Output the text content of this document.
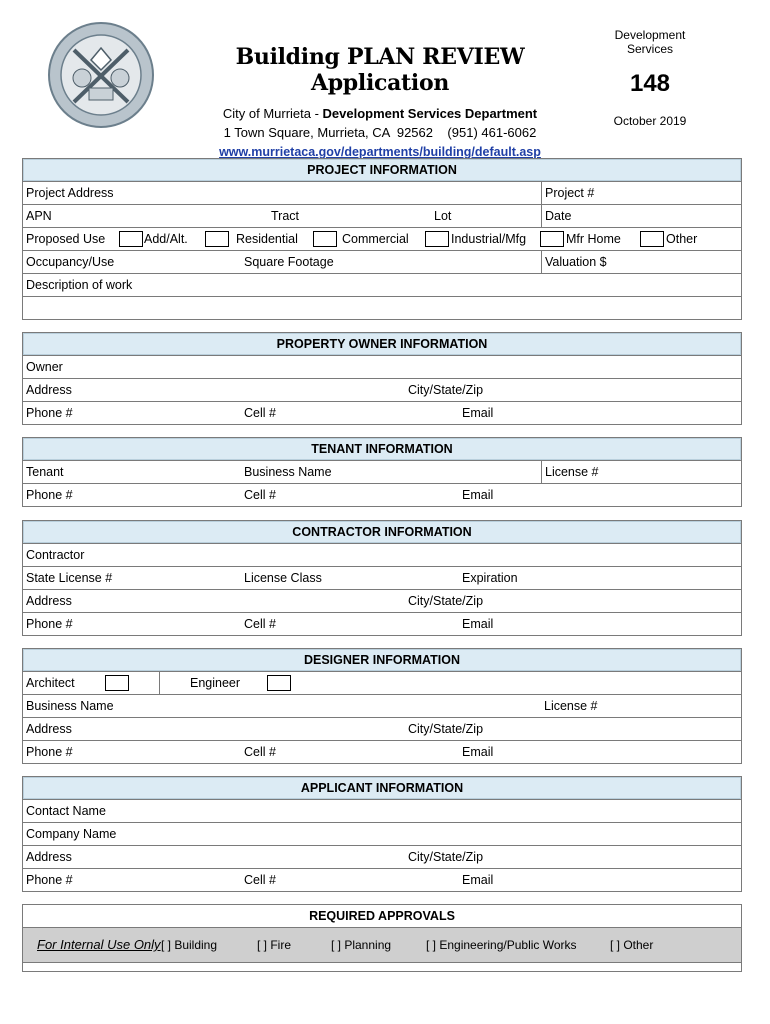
Building PLAN REVIEW Application
City of Murrieta - Development Services Department
1 Town Square, Murrieta, CA  92562    (951) 461-6062
www.murrietaca.gov/departments/building/default.asp
Development
Services
148
October 2019
PROJECT INFORMATION
Project Address	Project #
APN	Tract	Lot	Date
Proposed Use	Add/Alt.	Residential	Commercial	Industrial/Mfg	Mfr Home	Other
Occupancy/Use	Square Footage	Valuation $
Description of work
PROPERTY OWNER INFORMATION
Owner
Address	City/State/Zip
Phone #	Cell #	Email
TENANT INFORMATION
Tenant	Business Name	License #
Phone #	Cell #	Email
CONTRACTOR INFORMATION
Contractor
State License #	License Class	Expiration
Address	City/State/Zip
Phone #	Cell #	Email
DESIGNER INFORMATION
Architect	Engineer
Business Name	License #
Address	City/State/Zip
Phone #	Cell #	Email
APPLICANT INFORMATION
Contact Name
Company Name
Address	City/State/Zip
Phone #	Cell #	Email
REQUIRED APPROVALS
For Internal Use Only [ ] Building	[ ] Fire	[ ] Planning	[ ] Engineering/Public Works	[ ] Other
